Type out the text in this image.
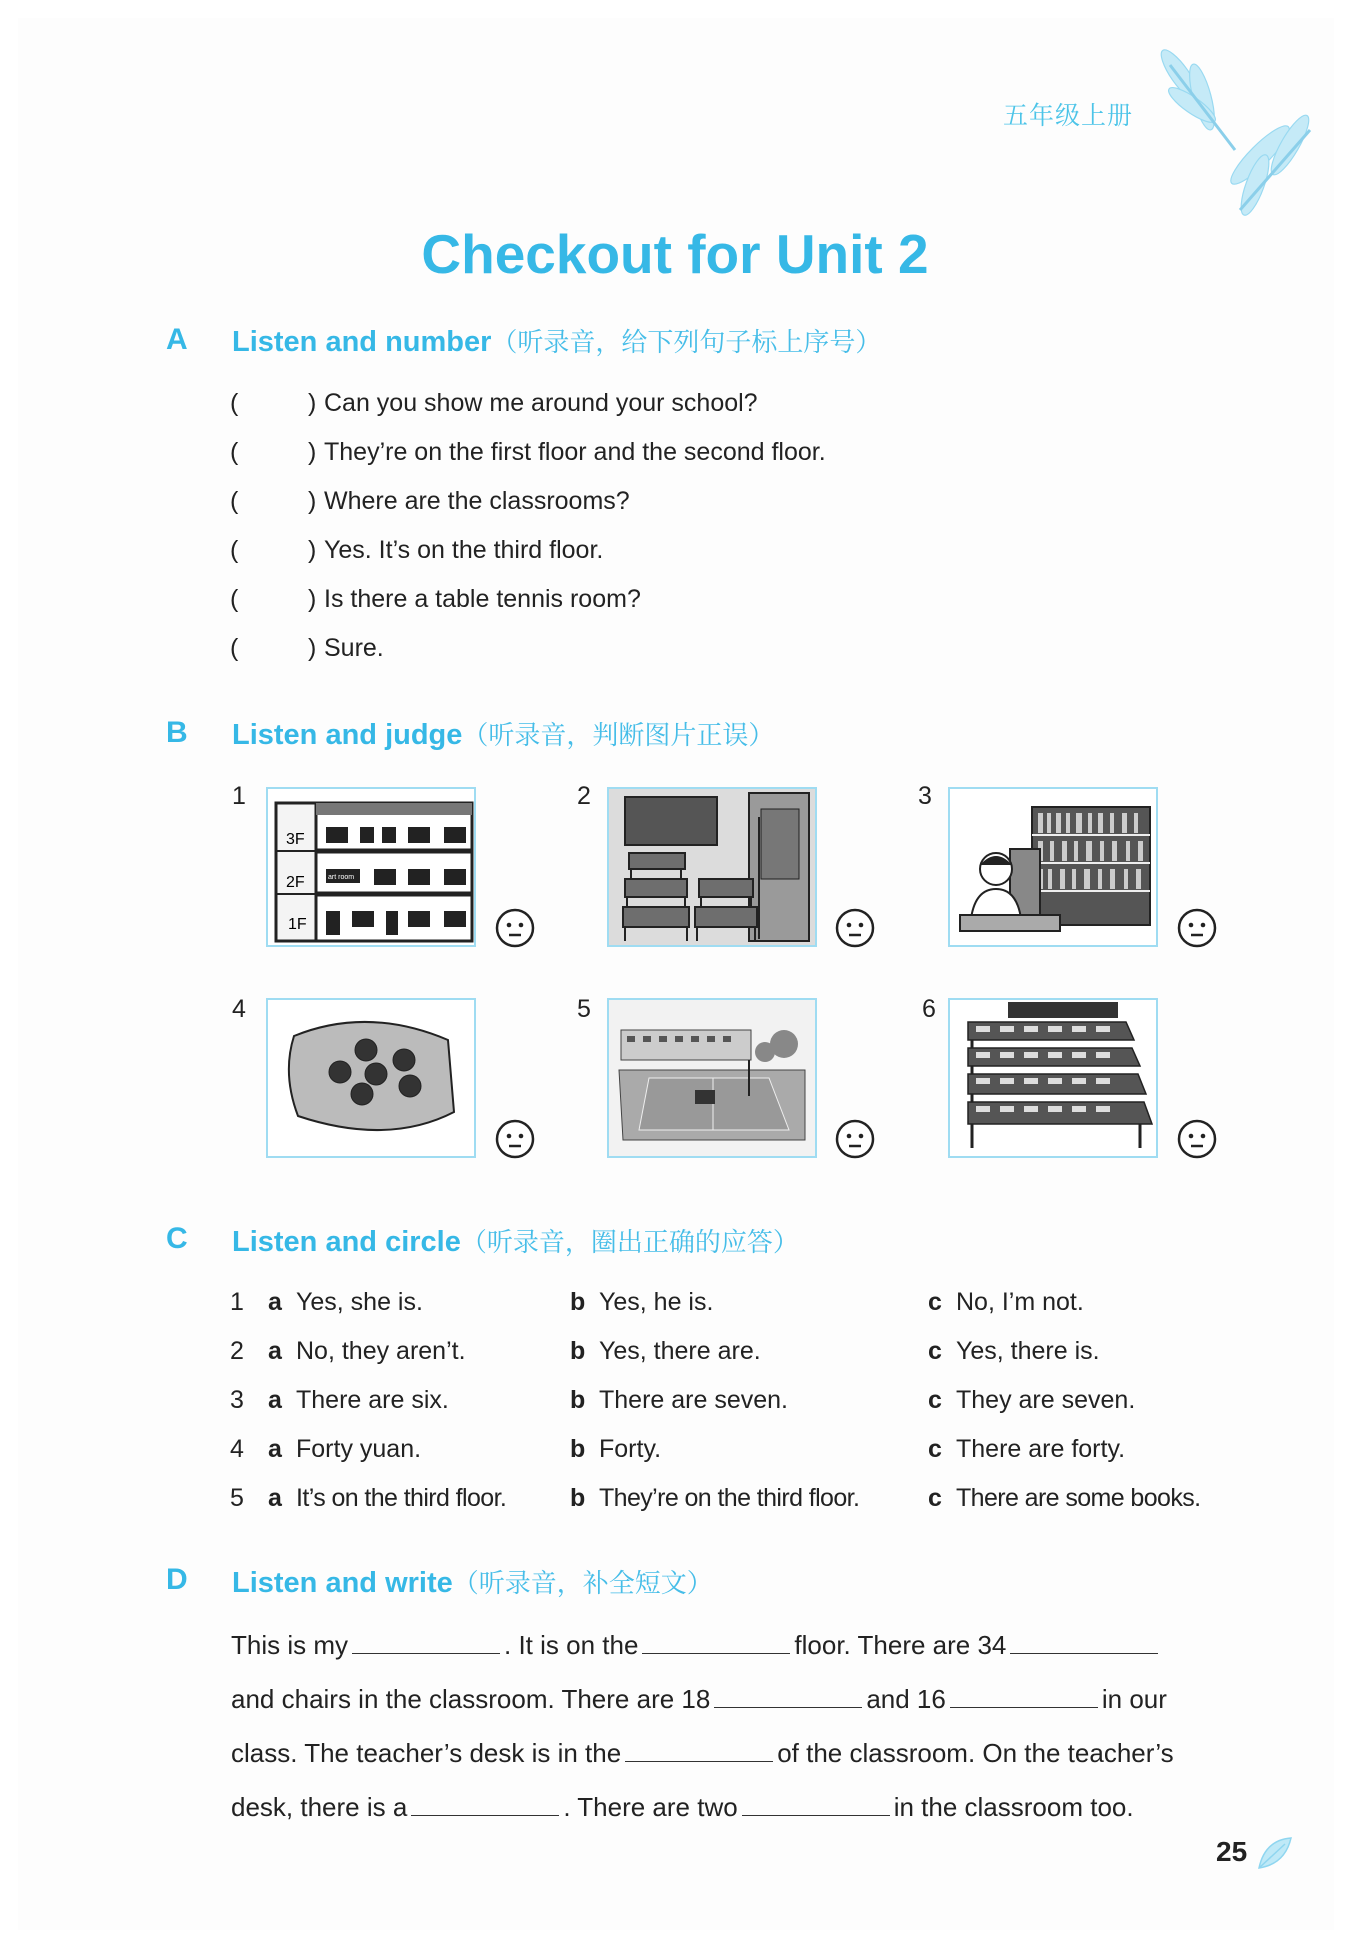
五年级上册
Checkout for Unit 2
A Listen and number（听录音，给下列句子标上序号）
(	) Can you show me around your school?
(	) They’re on the first floor and the second floor.
(	) Where are the classrooms?
(	) Yes. It’s on the third floor.
(	) Is there a table tennis room?
(	) Sure.
B Listen and judge（听录音，判断图片正误）
1	2	3
4	5	6
3F
2F
1F
art room
C Listen and circle（听录音，圈出正确的应答）
1 a Yes, she is.	b Yes, he is.	c No, I’m not.
2 a No, they aren’t.	b Yes, there are.	c Yes, there is.
3 a There are six.	b There are seven.	c They are seven.
4 a Forty yuan.	b Forty.	c There are forty.
5 a It’s on the third floor.	b They’re on the third floor.	c There are some books.
D Listen and write（听录音，补全短文）
This is my	. It is on the	floor. There are 34
and chairs in the classroom. There are 18	and 16	in our
class. The teacher’s desk is in the	of the classroom. On the teacher’s
desk, there is a	. There are two	in the classroom too.
25
